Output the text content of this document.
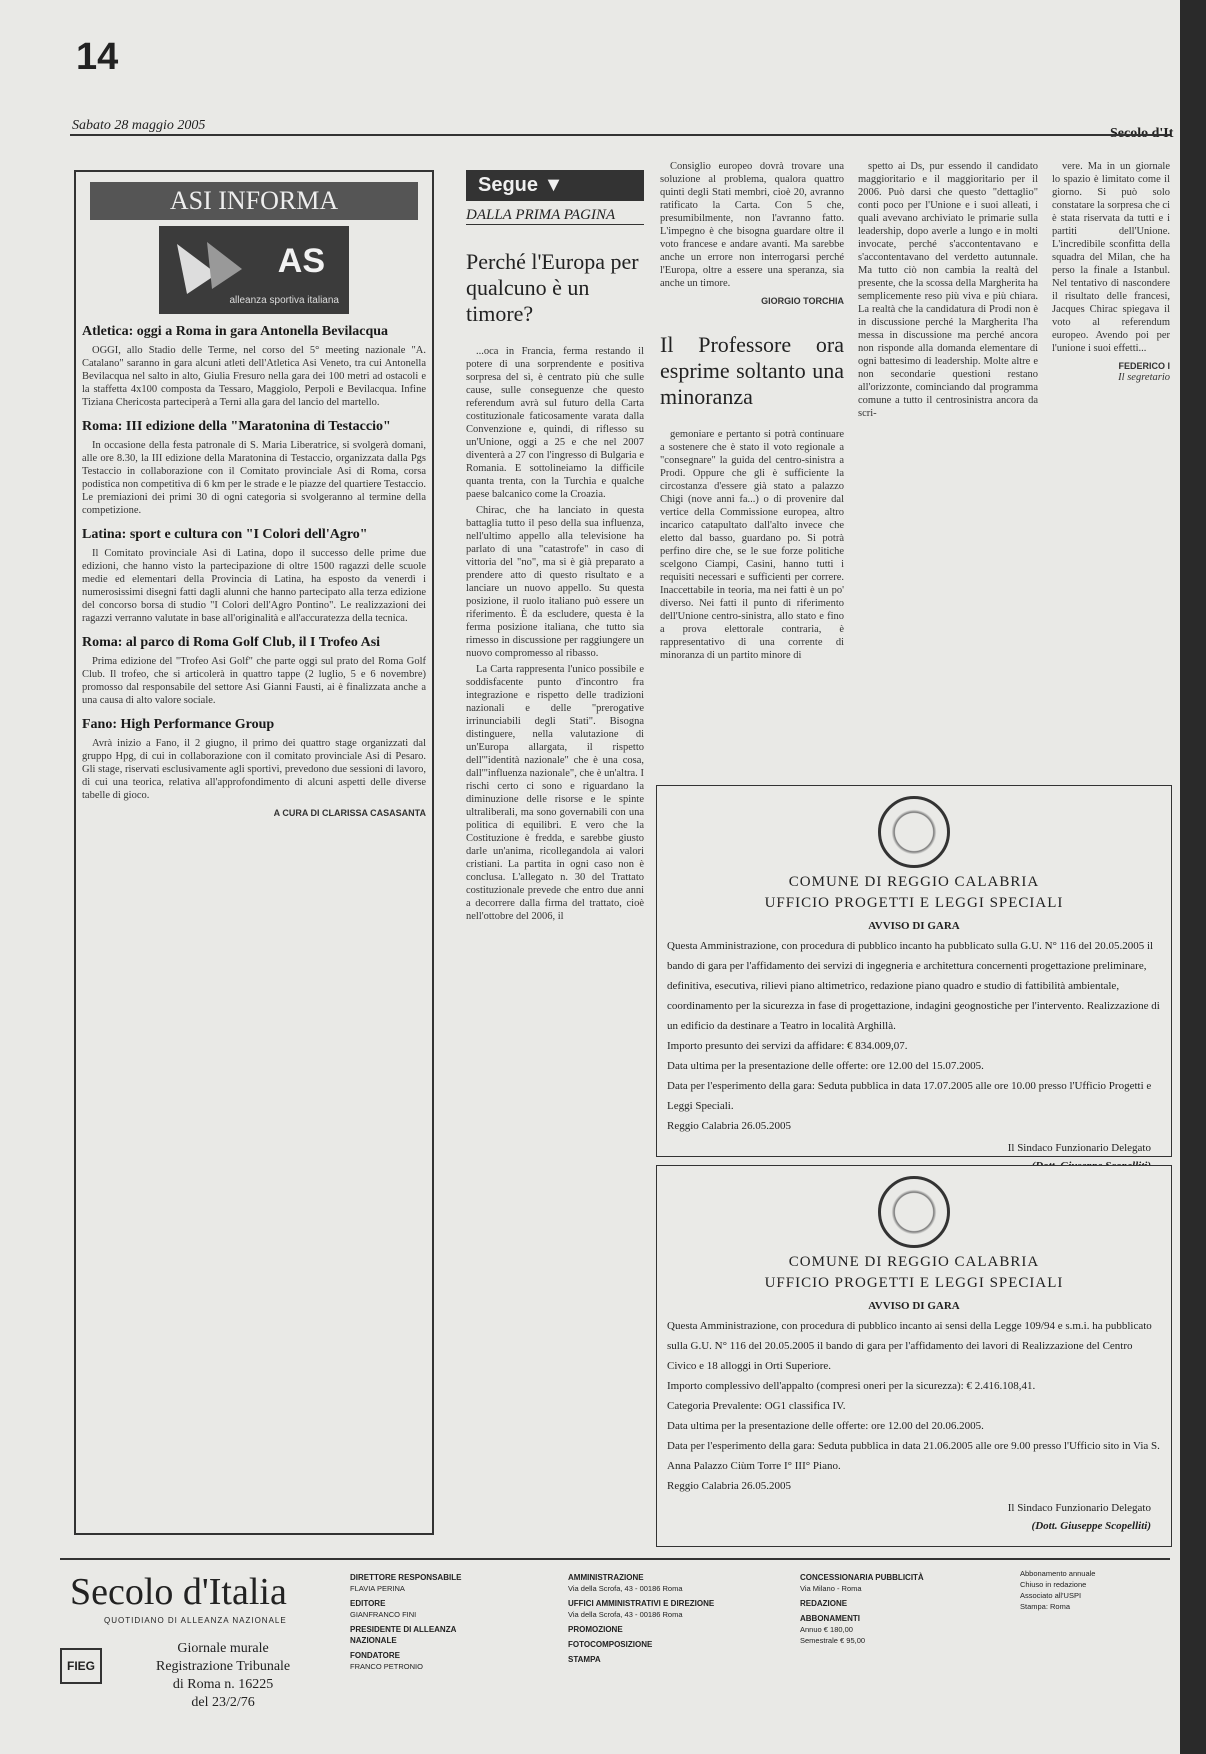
14
Sabato 28 maggio 2005
Secolo d'It
ASI INFORMA
AS
alleanza sportiva italiana
Atletica: oggi a Roma in gara Antonella Bevilacqua

OGGI, allo Stadio delle Terme, nel corso del 5° meeting nazionale "A. Catalano" saranno in gara alcuni atleti dell'Atletica Asi Veneto, tra cui Antonella Bevilacqua nel salto in alto, Giulia Fresuro nella gara dei 100 metri ad ostacoli e la staffetta 4x100 composta da Tessaro, Maggiolo, Perpoli e Bevilacqua. Infine Tiziana Chericosta parteciperà a Terni alla gara del lancio del martello.

Roma: III edizione della "Maratonina di Testaccio"

In occasione della festa patronale di S. Maria Liberatrice, si svolgerà domani, alle ore 8.30, la III edizione della Maratonina di Testaccio, organizzata dalla Pgs Testaccio in collaborazione con il Comitato provinciale Asi di Roma, corsa podistica non competitiva di 6 km per le strade e le piazze del quartiere Testaccio. Le premiazioni dei primi 30 di ogni categoria si svolgeranno al termine della competizione.

Latina: sport e cultura con "I Colori dell'Agro"

Il Comitato provinciale Asi di Latina, dopo il successo delle prime due edizioni, che hanno visto la partecipazione di oltre 1500 ragazzi delle scuole medie ed elementari della Provincia di Latina, ha esposto da venerdì i numerosissimi disegni fatti dagli alunni che hanno partecipato alla terza edizione del concorso borsa di studio "I Colori dell'Agro Pontino". Le realizzazioni dei ragazzi verranno valutate in base all'originalità e all'accuratezza della tecnica.

Roma: al parco di Roma Golf Club, il I Trofeo Asi

Prima edizione del "Trofeo Asi Golf" che parte oggi sul prato del Roma Golf Club. Il trofeo, che si articolerà in quattro tappe (2 luglio, 5 e 6 novembre) promosso dal responsabile del settore Asi Gianni Fausti, ai è finalizzata anche a una causa di alto valore sociale.

Fano: High Performance Group

Avrà inizio a Fano, il 2 giugno, il primo dei quattro stage organizzati dal gruppo Hpg, di cui in collaborazione con il comitato provinciale Asi di Pesaro. Gli stage, riservati esclusivamente agli sportivi, prevedono due sessioni di lavoro, di cui una teorica, relativa all'approfondimento di alcuni aspetti delle diverse tabelle di gioco.

A CURA DI CLARISSA CASASANTA
Segue ▼
DALLA PRIMA PAGINA
Perché l'Europa per qualcuno è un timore?

...oca in Francia, ferma restando il potere di una sorprendente e positiva sorpresa del sì, è centrato più che sulle cause, sulle conseguenze che questo referendum avrà sul futuro della Carta costituzionale faticosamente varata dalla Convenzione e, quindi, di riflesso su un'Unione, oggi a 25 e che nel 2007 diventerà a 27 con l'ingresso di Bulgaria e Romania. E sottolineiamo la difficile quanta trenta, con la Turchia e qualche paese balcanico come la Croazia.

Chirac, che ha lanciato in questa battaglia tutto il peso della sua influenza, nell'ultimo appello alla televisione ha parlato di una "catastrofe" in caso di vittoria del "no", ma si è già preparato a prendere atto di questo risultato e a lanciare un nuovo appello. Su questa posizione, il ruolo italiano può essere un riferimento. È da escludere, questa è la ferma posizione italiana, che tutto sia rimesso in discussione per raggiungere un nuovo compromesso al ribasso.

La Carta rappresenta l'unico possibile e soddisfacente punto d'incontro fra integrazione e rispetto delle tradizioni nazionali e delle "prerogative irrinunciabili degli Stati". Bisogna distinguere, nella valutazione di un'Europa allargata, il rispetto dell'"identità nazionale" che è una cosa, dall'"influenza nazionale", che è un'altra. I rischi certo ci sono e riguardano la diminuzione delle risorse e le spinte ultraliberali, ma sono governabili con una politica di equilibri. E vero che la Costituzione è fredda, e sarebbe giusto darle un'anima, ricollegandola ai valori cristiani. La partita in ogni caso non è conclusa. L'allegato n. 30 del Trattato costituzionale prevede che entro due anni a decorrere dalla firma del trattato, cioè nell'ottobre del 2006, il

Consiglio europeo dovrà trovare una soluzione al problema, qualora quattro quinti degli Stati membri, cioè 20, avranno ratificato la Carta. Con 5 che, presumibilmente, non l'avranno fatto. L'impegno è che bisogna guardare oltre il voto francese e andare avanti. Ma sarebbe anche un errore non interrogarsi perché l'Europa, oltre a essere una speranza, sia anche un timore.

GIORGIO TORCHIA
Il Professore ora esprime soltanto una minoranza

gemoniare e pertanto si potrà continuare a sostenere che è stato il voto regionale a "consegnare" la guida del centro-sinistra a Prodi. Oppure che gli è sufficiente la circostanza d'essere già stato a palazzo Chigi (nove anni fa...) o di provenire dal vertice della Commissione europea, altro incarico catapultato dall'alto invece che eletto dal basso, guardano po. Si potrà perfino dire che, se le sue forze politiche scelgono Ciampi, Casini, hanno tutti i requisiti necessari e sufficienti per correre. Inaccettabile in teoria, ma nei fatti è un po' diverso. Nei fatti il punto di riferimento dell'Unione centro-sinistra, allo stato e fino a prova elettorale contraria, è rappresentativo di una corrente di minoranza di un partito minore di

spetto ai Ds, pur essendo il candidato maggioritario e il maggioritario per il 2006. Può darsi che questo "dettaglio" conti poco per l'Unione e i suoi alleati, i quali avevano archiviato le primarie sulla leadership, dopo averle a lungo e in molti invocate, perché s'accontentavano e s'accontentavano del verdetto autunnale. Ma tutto ciò non cambia la realtà del presente, che la scossa della Margherita ha semplicemente reso più viva e più chiara. La realtà che la candidatura di Prodi non è in discussione perché la Margherita l'ha messa in discussione ma perché ancora non risponde alla domanda elementare di ogni battesimo di leadership. Molte altre e non secondarie questioni restano all'orizzonte, cominciando dal programma comune a tutto il centrosinistra ancora da scri-

vere. Ma in un giornale lo spazio è limitato come il giorno. Si può solo constatare la sorpresa che ci è stata riservata da tutti e i partiti dell'Unione. L'incredibile sconfitta della squadra del Milan, che ha perso la finale a Istanbul. Nel tentativo di nascondere il risultato delle francesi, Jacques Chirac spiegava il voto al referendum europeo. Avendo poi per l'unione i suoi effetti...

FEDERICO I
Il segretario
COMUNE DI REGGIO CALABRIA
UFFICIO PROGETTI E LEGGI SPECIALI
AVVISO DI GARA
Questa Amministrazione, con procedura di pubblico incanto ha pubblicato sulla G.U. N° 116 del 20.05.2005 il bando di gara per l'affidamento dei servizi di ingegneria e architettura concernenti progettazione preliminare, definitiva, esecutiva, rilievi piano altimetrico, redazione piano quadro e studio di fattibilità ambientale, coordinamento per la sicurezza in fase di progettazione, indagini geognostiche per l'intervento. Realizzazione di un edificio da destinare a Teatro in località Arghillà.
Importo presunto dei servizi da affidare: € 834.009,07.
Data ultima per la presentazione delle offerte: ore 12.00 del 15.07.2005.
Data per l'esperimento della gara: Seduta pubblica in data 17.07.2005 alle ore 10.00 presso l'Ufficio Progetti e Leggi Speciali.
Reggio Calabria 26.05.2005
Il Sindaco Funzionario Delegato
COMUNE DI REGGIO CALABRIA
UFFICIO PROGETTI E LEGGI SPECIALI
AVVISO DI GARA
Questa Amministrazione, con procedura di pubblico incanto ai sensi della Legge 109/94 e s.m.i. ha pubblicato sulla G.U. N° 116 del 20.05.2005 il bando di gara per l'affidamento dei lavori di Realizzazione del Centro Civico e 18 alloggi in Orti Superiore.
Importo complessivo dell'appalto (compresi oneri per la sicurezza): € 2.416.108,41.
Categoria Prevalente: OG1 classifica IV.
Data ultima per la presentazione delle offerte: ore 12.00 del 20.06.2005.
Data per l'esperimento della gara: Seduta pubblica in data 21.06.2005 alle ore 9.00 presso l'Ufficio sito in Via S. Anna Palazzo Ciùm Torre I° III° Piano.
Reggio Calabria 26.05.2005
Il Sindaco Funzionario Delegato
(Dott. Giuseppe Scopelliti)
Secolo d'Italia
QUOTIDIANO DI ALLEANZA NAZIONALE
FIEG
Giornale murale
Registrazione Tribunale
di Roma n. 16225
del 23/2/76
DIRETTORE RESPONSABILE
FLAVIA PERINA
EDITORE
GIANFRANCO FINI
PRESIDENTE DI ALLEANZA NAZIONALE
FONDATORE
FRANCO PETRONIO
AMMINISTRAZIONE
Via della Scrofa, 43 - 00186 Roma
UFFICI AMMINISTRATIVI E DIREZIONE
Via della Scrofa, 43 - 00186 Roma
PROMOZIONE
FOTOCOMPOSIZIONE
STAMPA
CONCESSIONARIA PUBBLICITÀ
Via Milano - Roma
REDAZIONE
ABBONAMENTI
Annuo € 180,00
Semestrale € 95,00
Abbonamento annuale
Chiuso in redazione
Associato all'USPI
Stampa: Roma
